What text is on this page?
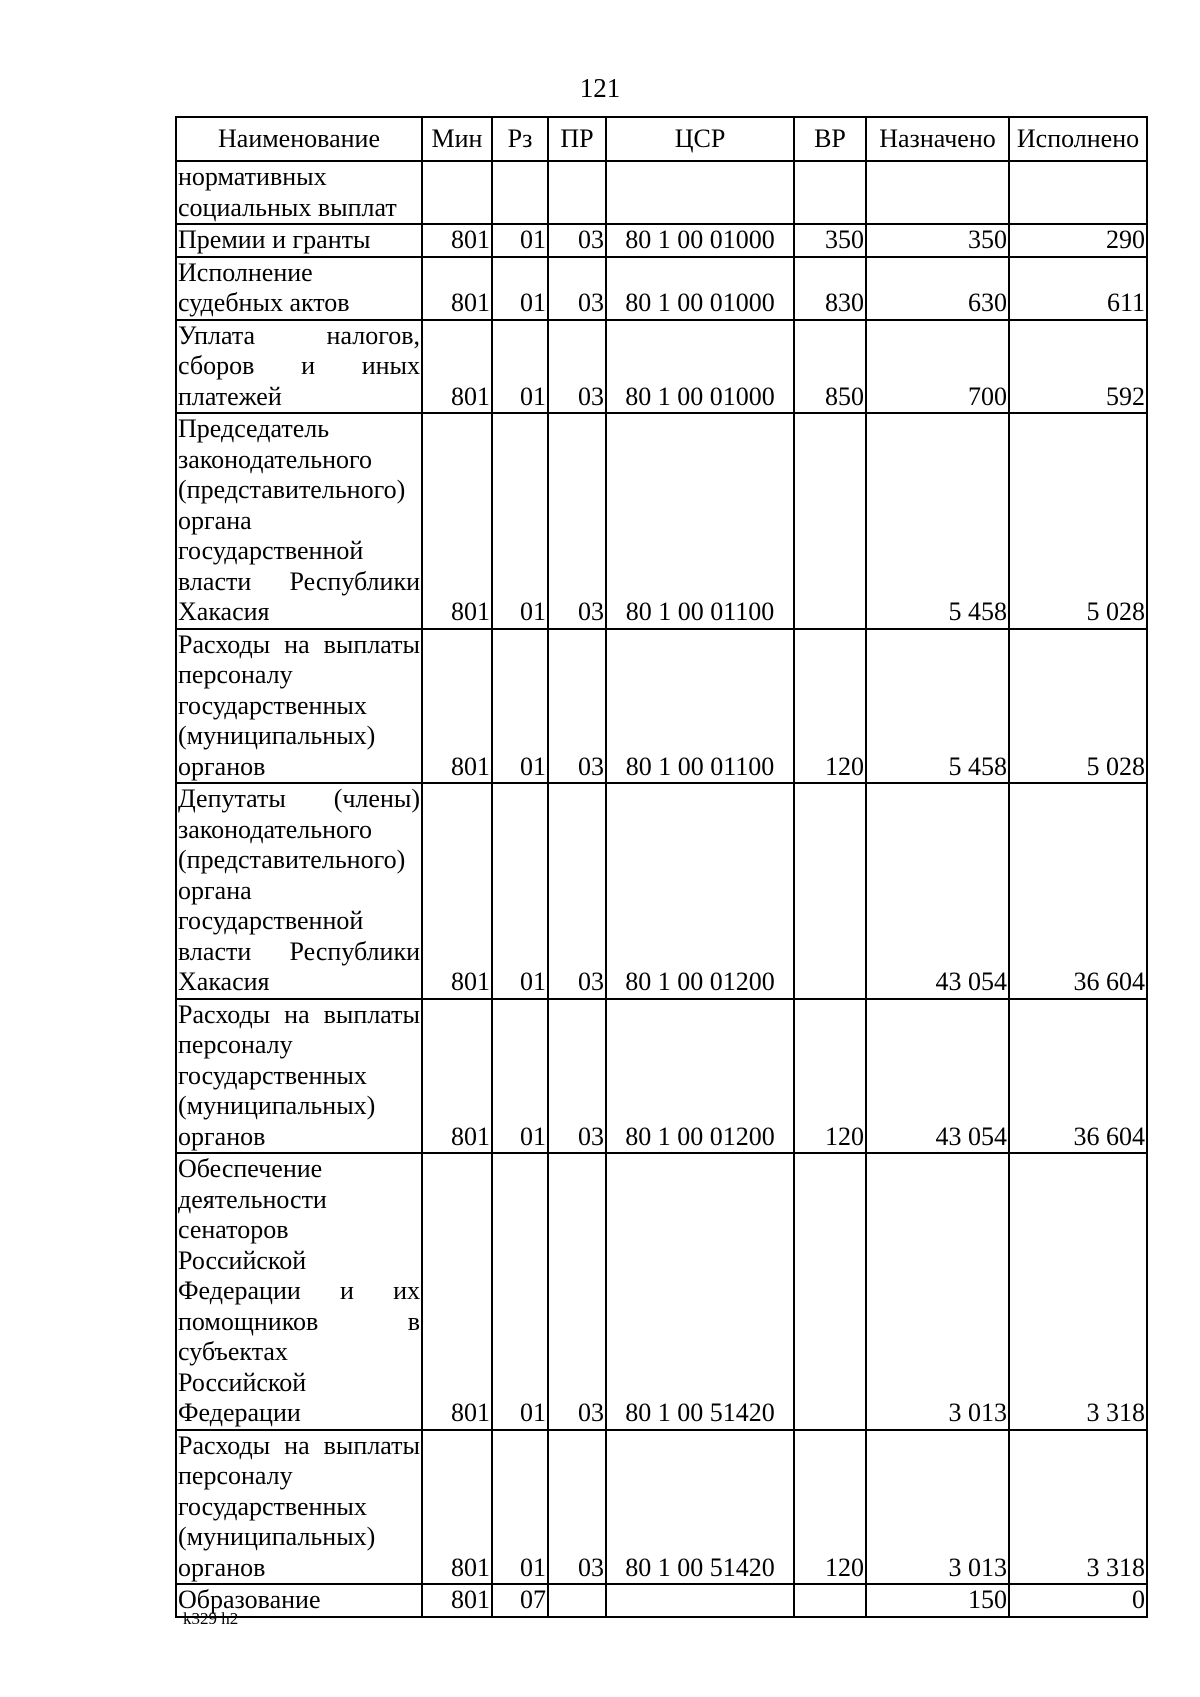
121
Наименование	Мин	Рз	ПР	ЦСР	ВР	Назначено	Исполнено
нормативных социальных выплат							
Премии и гранты	801	01	03	80 1 00 01000	350	350	290
Исполнение судебных актов	801	01	03	80 1 00 01000	830	630	611
Уплата налогов, сборов и иных платежей	801	01	03	80 1 00 01000	850	700	592
Председатель законодательного (представительного) органа государственной власти Республики Хакасия	801	01	03	80 1 00 01100		5 458	5 028
Расходы на выплаты персоналу государственных (муниципальных) органов	801	01	03	80 1 00 01100	120	5 458	5 028
Депутаты (члены) законодательного (представительного) органа государственной власти Республики Хакасия	801	01	03	80 1 00 01200		43 054	36 604
Расходы на выплаты персоналу государственных (муниципальных) органов	801	01	03	80 1 00 01200	120	43 054	36 604
Обеспечение деятельности сенаторов Российской Федерации и их помощников в субъектах Российской Федерации	801	01	03	80 1 00 51420		3 013	3 318
Расходы на выплаты персоналу государственных (муниципальных) органов	801	01	03	80 1 00 51420	120	3 013	3 318
Образование	801	07				150	0
k329 h2
